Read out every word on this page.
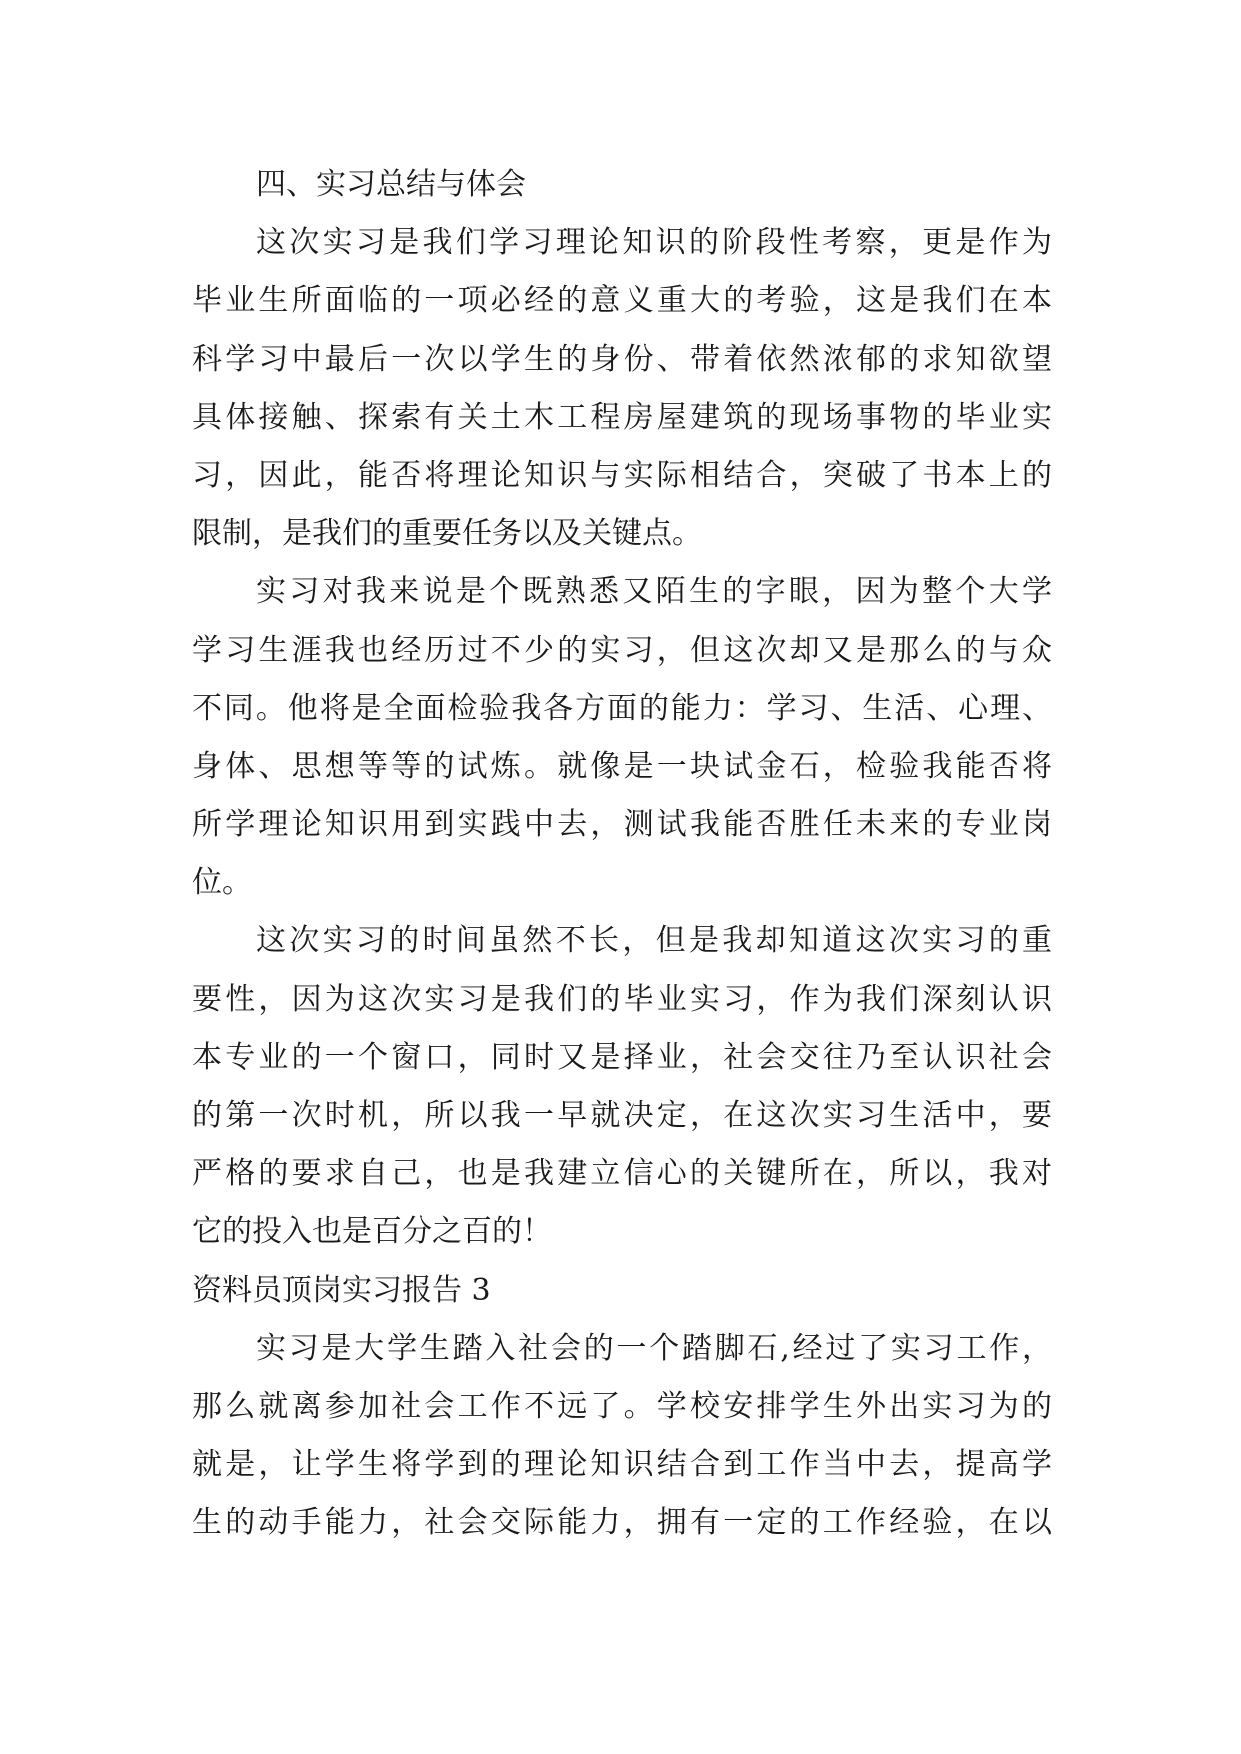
四、实习总结与体会
这次实习是我们学习理论知识的阶段性考察，更是作为
毕业生所面临的一项必经的意义重大的考验，这是我们在本
科学习中最后一次以学生的身份、带着依然浓郁的求知欲望
具体接触、探索有关土木工程房屋建筑的现场事物的毕业实
习，因此，能否将理论知识与实际相结合，突破了书本上的
限制，是我们的重要任务以及关键点。
实习对我来说是个既熟悉又陌生的字眼，因为整个大学
学习生涯我也经历过不少的实习，但这次却又是那么的与众
不同。他将是全面检验我各方面的能力：学习、生活、心理、
身体、思想等等的试炼。就像是一块试金石，检验我能否将
所学理论知识用到实践中去，测试我能否胜任未来的专业岗
位。
这次实习的时间虽然不长，但是我却知道这次实习的重
要性，因为这次实习是我们的毕业实习，作为我们深刻认识
本专业的一个窗口，同时又是择业，社会交往乃至认识社会
的第一次时机，所以我一早就决定，在这次实习生活中，要
严格的要求自己，也是我建立信心的关键所在，所以，我对
它的投入也是百分之百的！
资料员顶岗实习报告 3
实习是大学生踏入社会的一个踏脚石,经过了实习工作，
那么就离参加社会工作不远了。学校安排学生外出实习为的
就是，让学生将学到的理论知识结合到工作当中去，提高学
生的动手能力，社会交际能力，拥有一定的工作经验，在以
